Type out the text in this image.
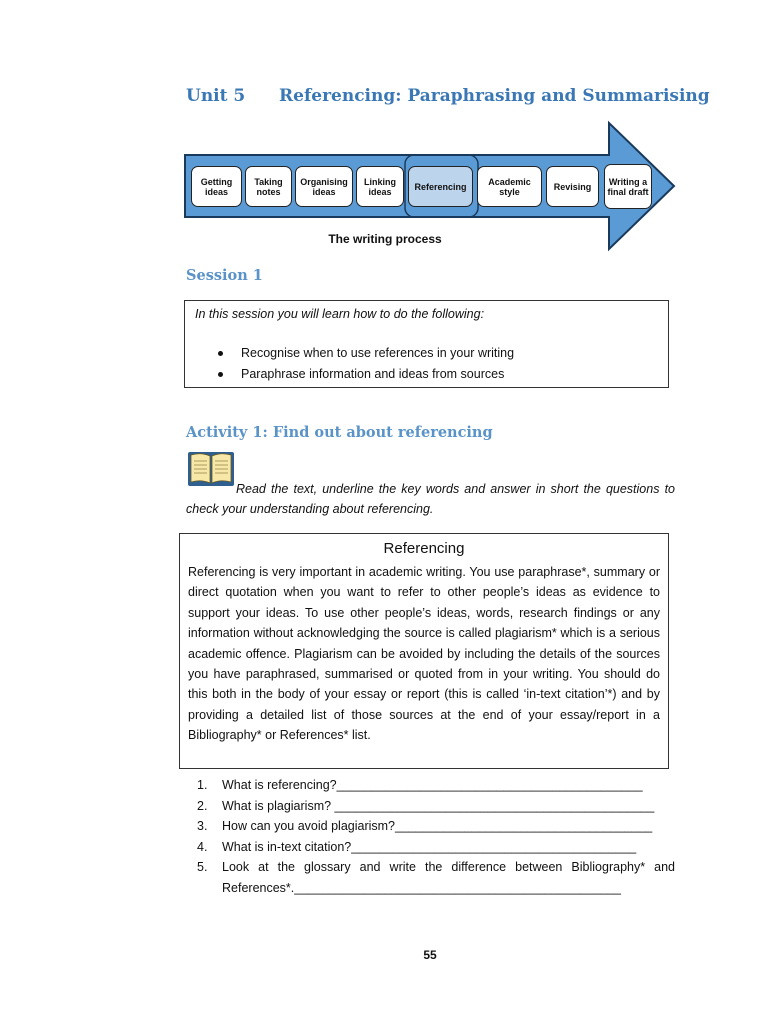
Unit 5 Referencing: Paraphrasing and Summarising
Getting ideas
Taking notes
Organising ideas
Linking ideas	Referencing	Academic style	Revising	Writing a final draft
The writing process
Session 1
In this session you will learn how to do the following:
Recognise when to use references in your writing
Paraphrase information and ideas from sources
Activity 1: Find out about referencing
Read the text, underline the key words and answer in short the questions to check your understanding about referencing.
Referencing
Referencing is very important in academic writing. You use paraphrase*, summary or direct quotation when you want to refer to other people’s ideas as evidence to support your ideas. To use other people’s ideas, words, research findings or any information without acknowledging the source is called plagiarism* which is a serious academic offence. Plagiarism can be avoided by including the details of the sources you have paraphrased, summarised or quoted from in your writing. You should do this both in the body of your essay or report (this is called ‘in-text citation’*) and by providing a detailed list of those sources at the end of your essay/report in a Bibliography* or References* list.
1. What is referencing?____________________________________________
2. What is plagiarism? ______________________________________________
3. How can you avoid plagiarism?_____________________________________
4. What is in-text citation?_________________________________________
5. Look at the glossary and write the difference between Bibliography* and References*._______________________________________________
55
